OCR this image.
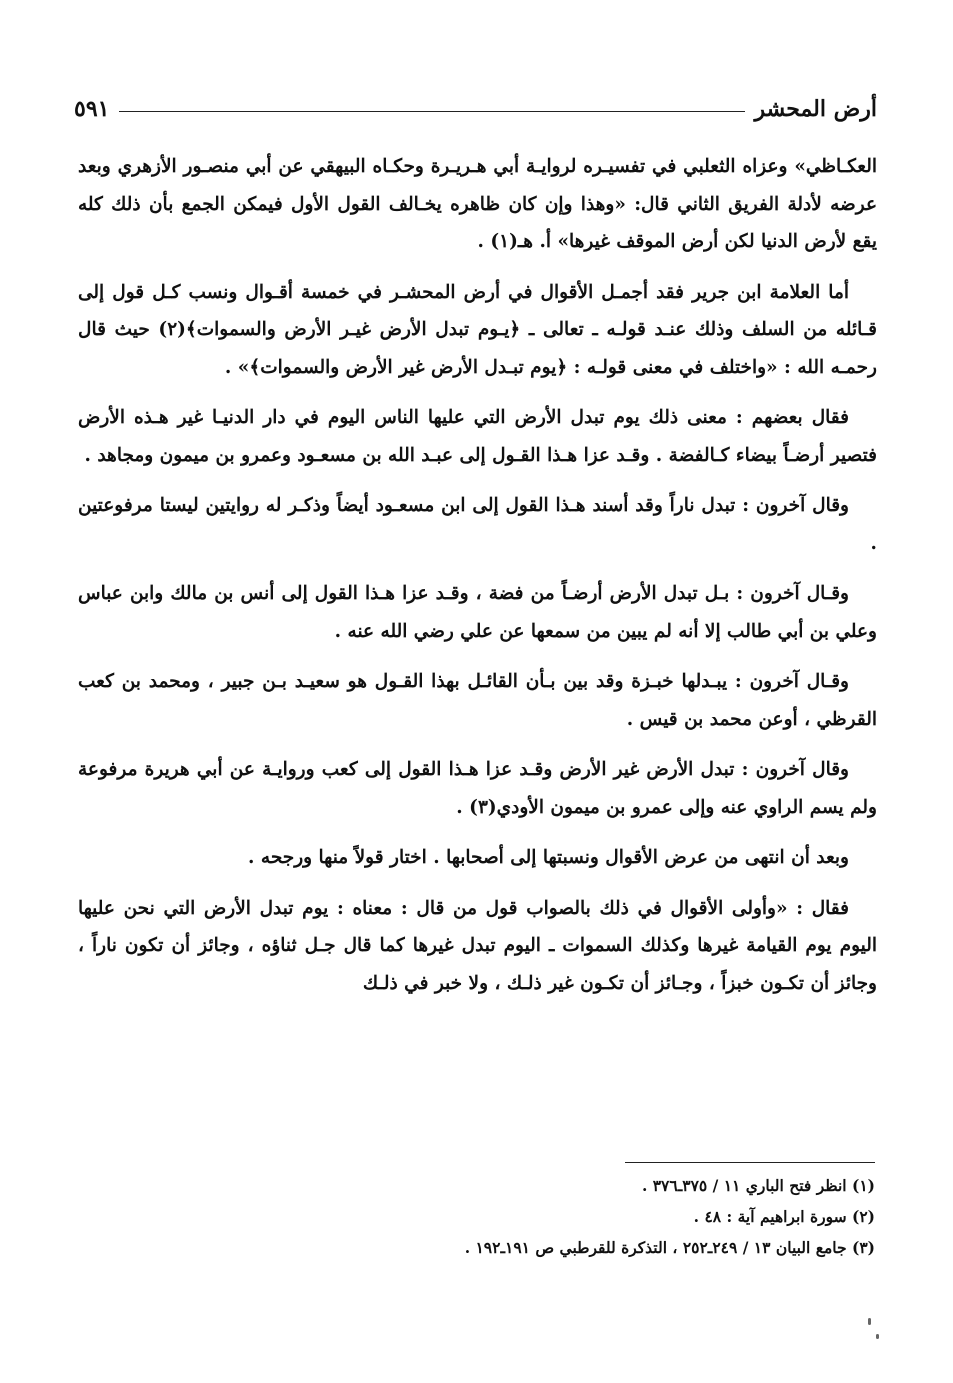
أرض المحشر
٥٩١

العكـاظي» وعزاه الثعلبي في تفسيـره لروايـة أبي هـريـرة وحكـاه البيهقي عن أبي منصـور الأزهري وبعد عرضه لأدلة الفريق الثاني قال: «وهذا وإن كان ظاهره يخـالف القول الأول فيمكن الجمع بأن ذلك كله يقع لأرض الدنيا لكن أرض الموقف غيرها» أ. هـ(١) .

أما العلامة ابن جرير فقد أجمـل الأقوال في أرض المحشـر في خمسة أقـوال ونسب كـل قول إلى قـائله من السلف وذلك عنـد قولـه ـ تعالى ـ ﴿يـوم تبدل الأرض غيـر الأرض والسموات﴾(٢) حيث قال رحمـه الله : «واختلف في معنى قولـه : ﴿يوم تبـدل الأرض غير الأرض والسموات﴾» .

فقال بعضهم : معنى ذلك يوم تبدل الأرض التي عليها الناس اليوم في دار الدنيـا غير هـذه الأرض فتصير أرضـاً بيضاء كـالفضة . وقـد عزا هـذا القـول إلى عبـد الله بن مسعـود وعمرو بن ميمون ومجاهد .

وقال آخرون : تبدل ناراً وقد أسند هـذا القول إلى ابن مسعـود أيضاً وذكـر له روايتين ليستا مرفوعتين .

وقـال آخرون : بـل تبدل الأرض أرضـاً من فضة ، وقـد عزا هـذا القول إلى أنس بن مالك وابن عباس وعلي بن أبي طالب إلا أنه لم يبين من سمعها عن علي رضي الله عنه .

وقـال آخرون : يبـدلها خبـزة وقد بين بـأن القائـل بهذا القـول هو سعيـد بـن جبير ، ومحمد بن كعب القرظي ، أوعن محمد بن قيس .

وقال آخرون : تبدل الأرض غير الأرض وقـد عزا هـذا القول إلى كعب وروايـة عن أبي هريرة مرفوعة ولم يسم الراوي عنه وإلى عمرو بن ميمون الأودي(٣) .

وبعد أن انتهى من عرض الأقوال ونسبتها إلى أصحابها . اختار قولاً منها ورجحه .

فقال : «وأولى الأقوال في ذلك بالصواب قول من قال : معناه : يوم تبدل الأرض التي نحن عليها اليوم يوم القيامة غيرها وكذلك السموات ـ اليوم تبدل غيرها كما قال جـل ثناؤه ، وجائز أن تكون ناراً ، وجائز أن تكـون خبزاً ، وجـائز أن تكـون غير ذلـك ، ولا خبر في ذلـك

(١) انظر فتح الباري ١١ / ٣٧٥ـ٣٧٦ .

(٢) سورة ابراهيم آية : ٤٨ .

(٣) جامع البيان ١٣ / ٢٤٩ـ٢٥٢ ، التذكرة للقرطبي ص ١٩١ـ١٩٢ .
